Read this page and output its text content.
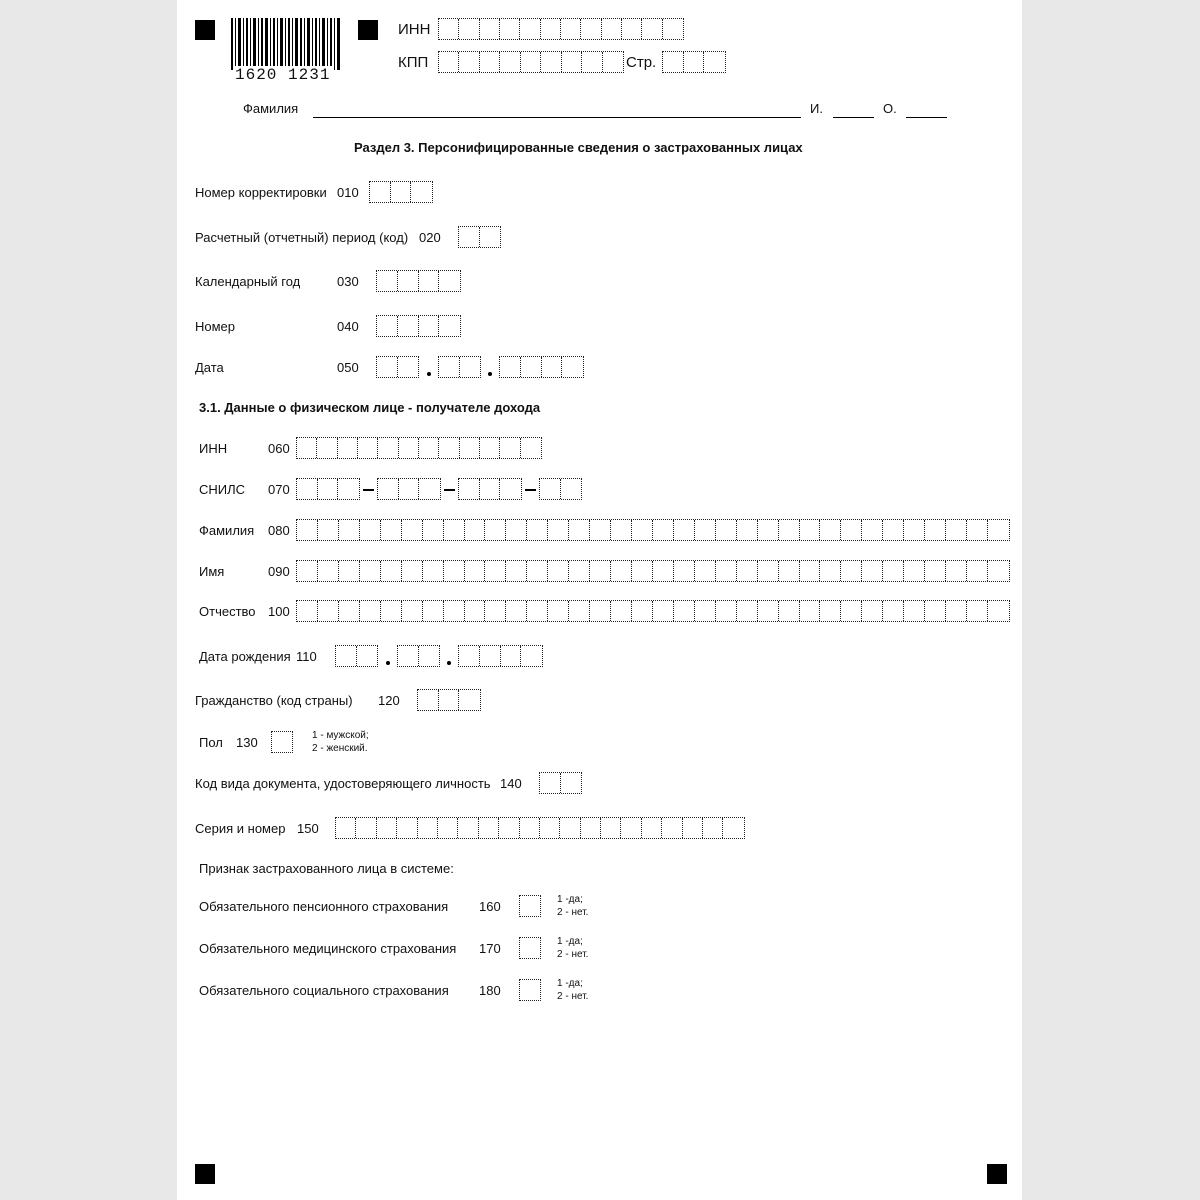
1620 1231
ИНН
КПП	Стр.
Фамилия	И.	О.
Раздел 3. Персонифицированные сведения о застрахованных лицах
Номер корректировки 010
Расчетный (отчетный) период (код) 020
Календарный год	030
Номер	040
Дата	050
3.1. Данные о физическом лице - получателе дохода
ИНН	060
СНИЛС 070
Фамилия 080
Имя	090
Отчество 100
Дата рождения 110
Гражданство (код страны) 120
Пол 130	1 - мужской;
2 - женский.
Код вида документа, удостоверяющего личность 140
Серия и номер 150
Признак застрахованного лица в системе:
Обязательного пенсионного страхования 160	1 -да;
2 - нет.
Обязательного медицинского страхования 170	1 -да;
2 - нет.
Обязательного социального страхования 180	1 -да;
2 - нет.
